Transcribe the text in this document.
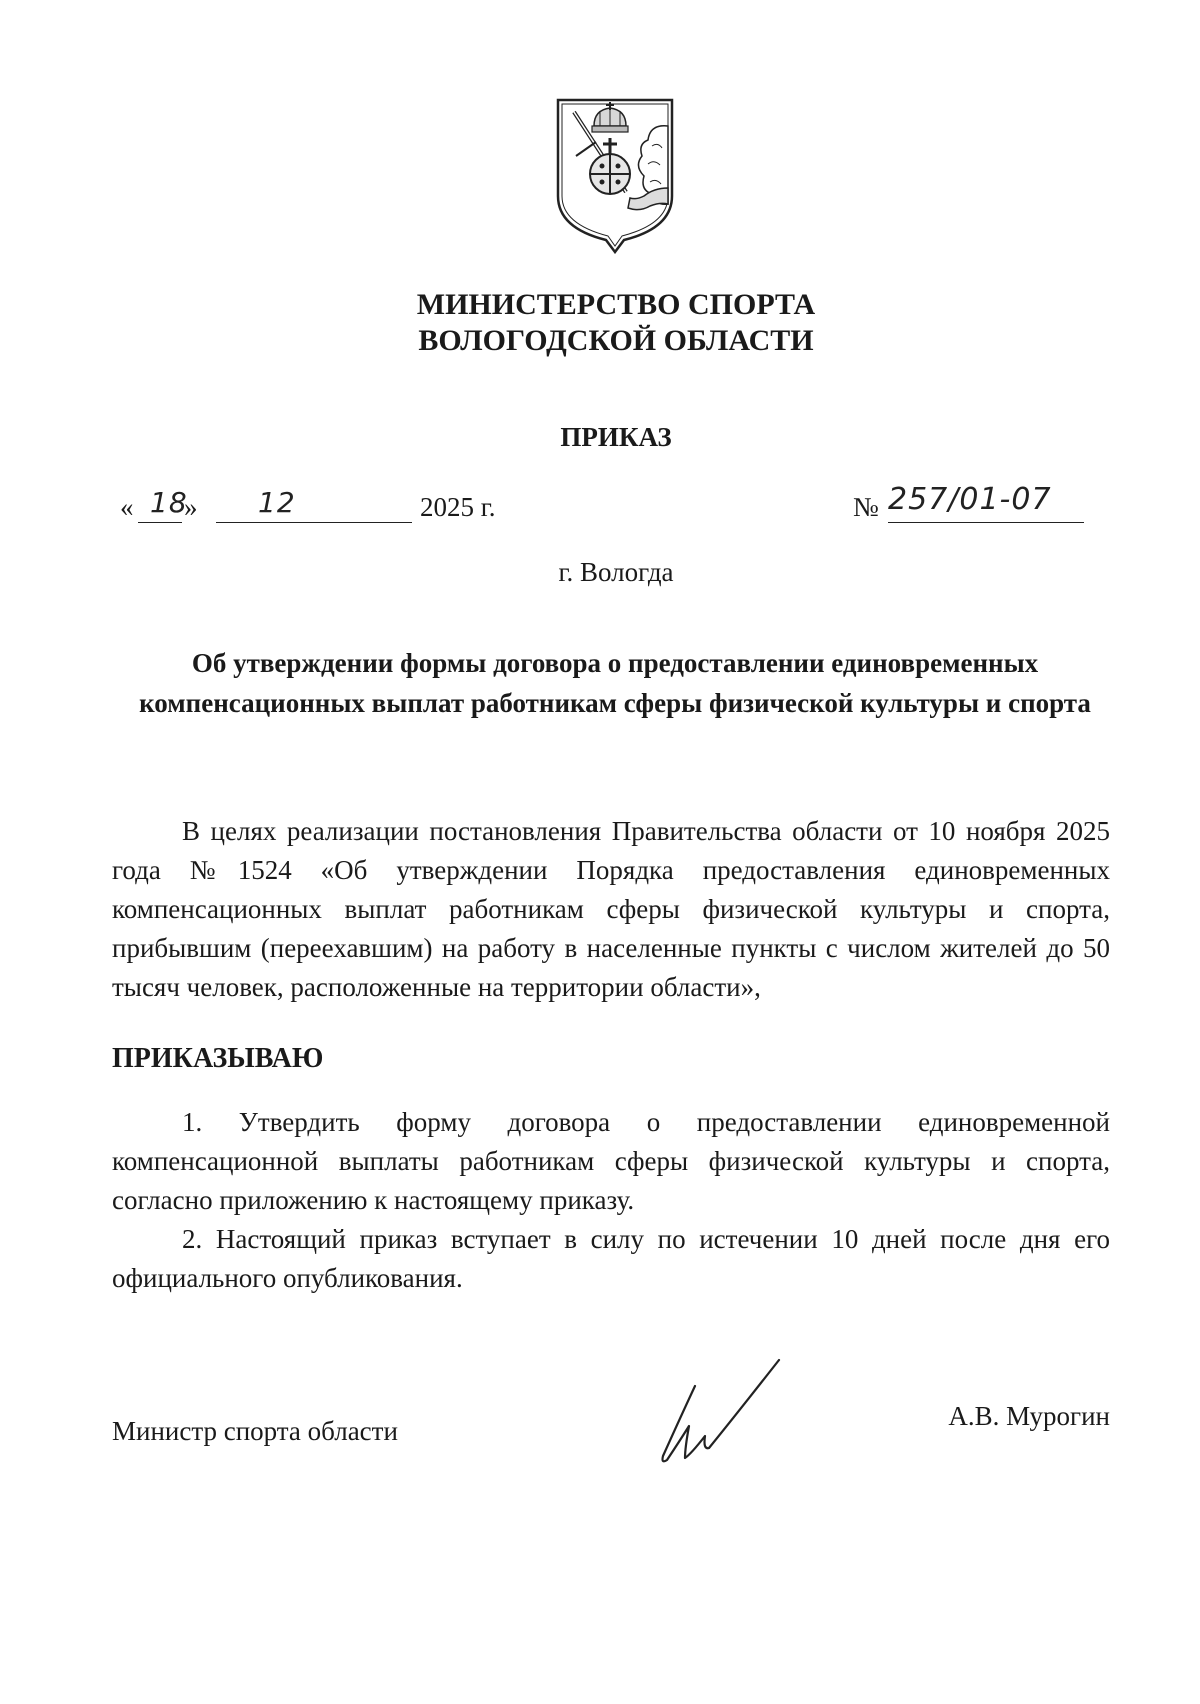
МИНИСТЕРСТВО СПОРТА
ВОЛОГОДСКОЙ ОБЛАСТИ
ПРИКАЗ
« 18
» 12	2025 г.	№ 257/01-07
г. Вологда
Об утверждении формы договора о предоставлении единовременных компенсационных выплат работникам сферы физической культуры и спорта
В целях реализации постановления Правительства области от 10 ноября 2025 года №1524 «Об утверждении Порядка предоставления единовременных компенсационных выплат работникам сферы физической культуры и спорта, прибывшим (переехавшим) на работу в населенные пункты с числом жителей до 50 тысяч человек, расположенные на территории области»,
ПРИКАЗЫВАЮ
1. Утвердить форму договора о предоставлении единовременной компенсационной выплаты работникам сферы физической культуры и спорта, согласно приложению к настоящему приказу.
2. Настоящий приказ вступает в силу по истечении 10 дней после дня его официального опубликования.
Министр спорта области	А.В. Мурогин
